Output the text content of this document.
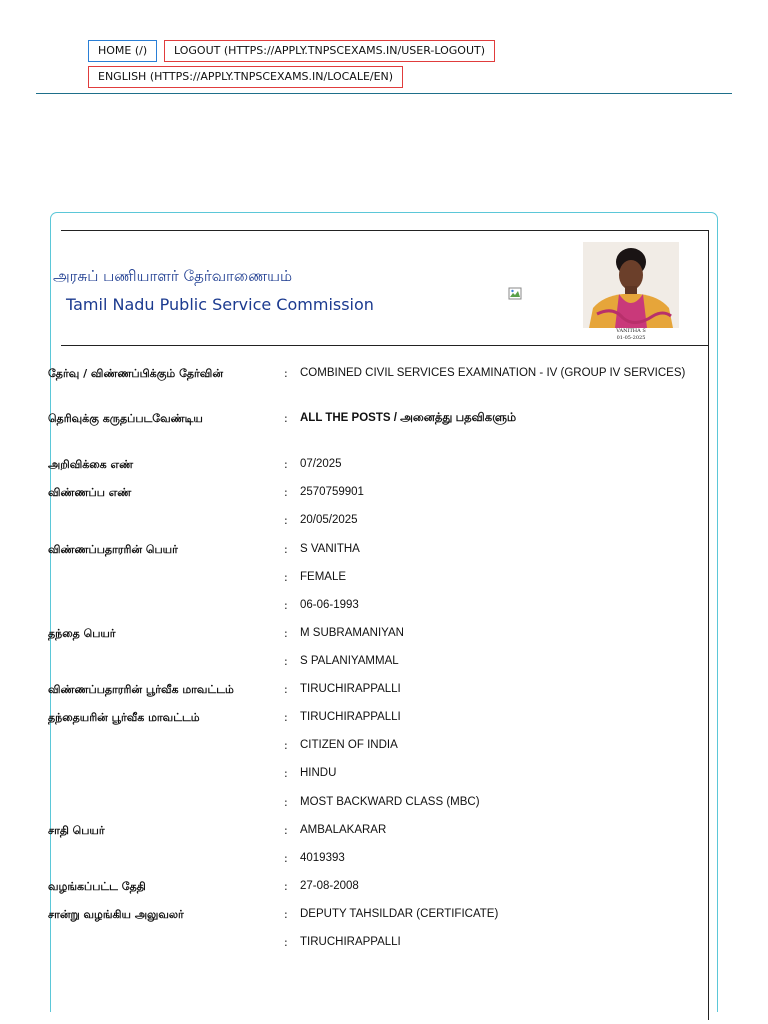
HOME (/)	LOGOUT (HTTPS://APPLY.TNPSCEXAMS.IN/USER-LOGOUT)
ENGLISH (HTTPS://APPLY.TNPSCEXAMS.IN/LOCALE/EN)
அரசுப் பணியாளர் தேர்வாணையம்
Tamil Nadu Public Service Commission
VANITHA S
01-05-2025
தேர்வு / விண்ணப்பிக்கும் தேர்வின்	: COMBINED CIVIL SERVICES EXAMINATION - IV (GROUP IV SERVICES)
தெரிவுக்கு கருதப்படவேண்டிய	: ALL THE POSTS / அனைத்து பதவிகளும்
அறிவிக்கை எண்	: 07/2025
விண்ணப்ப எண்	: 2570759901
: 20/05/2025
விண்ணப்பதாரரின் பெயர்	: S VANITHA
: FEMALE
: 06-06-1993
தந்தை பெயர்	: M SUBRAMANIYAN
: S PALANIYAMMAL
விண்ணப்பதாரரின் பூர்வீக மாவட்டம்	: TIRUCHIRAPPALLI
தந்தையரின் பூர்வீக மாவட்டம்	: TIRUCHIRAPPALLI
: CITIZEN OF INDIA
: HINDU
: MOST BACKWARD CLASS (MBC)
சாதி பெயர்	: AMBALAKARAR
: 4019393
வழங்கப்பட்ட தேதி	: 27-08-2008
சான்று வழங்கிய அலுவலர்	: DEPUTY TAHSILDAR (CERTIFICATE)
: TIRUCHIRAPPALLI
